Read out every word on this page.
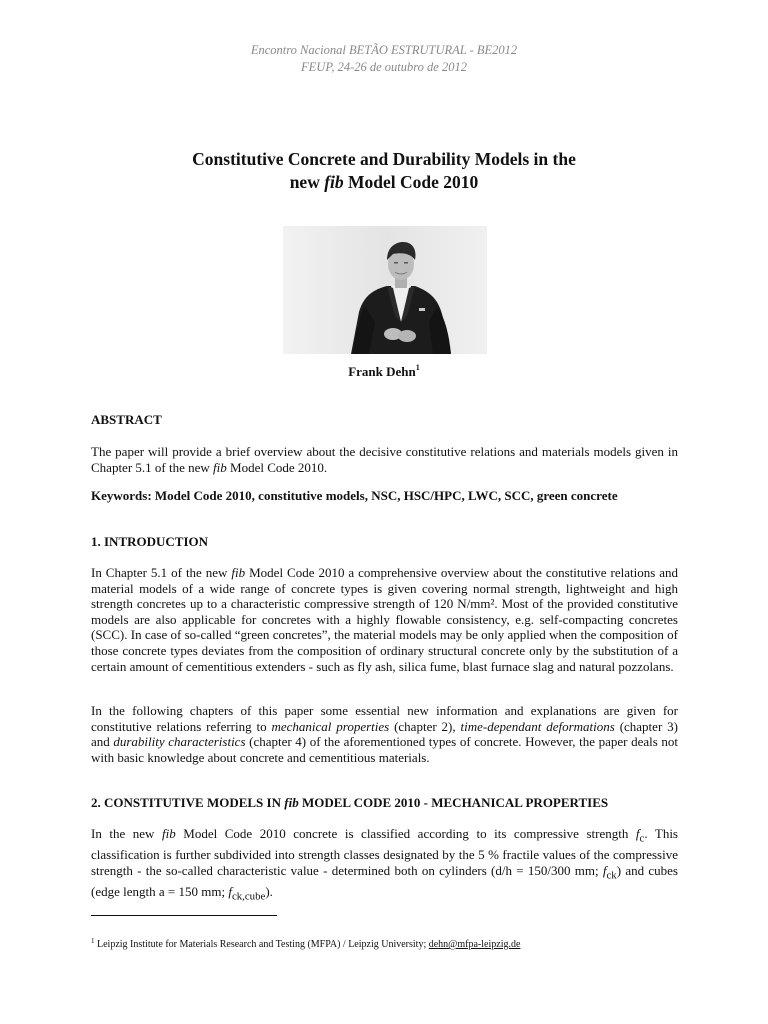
Encontro Nacional BETÃO ESTRUTURAL - BE2012
FEUP, 24-26 de outubro de 2012
Constitutive Concrete and Durability Models in the
new fib Model Code 2010
Frank Dehn$^1$
ABSTRACT
The paper will provide a brief overview about the decisive constitutive relations and materials models given in Chapter 5.1 of the new fib Model Code 2010.
Keywords: Model Code 2010, constitutive models, NSC, HSC/HPC, LWC, SCC, green concrete
1. INTRODUCTION
In Chapter 5.1 of the new fib Model Code 2010 a comprehensive overview about the constitutive relations and material models of a wide range of concrete types is given covering normal strength, lightweight and high strength concretes up to a characteristic compressive strength of 120 N/mm². Most of the provided constitutive models are also applicable for concretes with a highly flowable consistency, e.g. self-compacting concretes (SCC). In case of so-called “green concretes”, the material models may be only applied when the composition of those concrete types deviates from the composition of ordinary structural concrete only by the substitution of a certain amount of cementitious extenders - such as fly ash, silica fume, blast furnace slag and natural pozzolans.
In the following chapters of this paper some essential new information and explanations are given for constitutive relations referring to mechanical properties (chapter 2), time-dependant deformations (chapter 3) and durability characteristics (chapter 4) of the aforementioned types of concrete. However, the paper deals not with basic knowledge about concrete and cementitious materials.
2. CONSTITUTIVE MODELS IN fib MODEL CODE 2010 - MECHANICAL PROPERTIES
In the new fib Model Code 2010 concrete is classified according to its compressive strength $f_c$. This classification is further subdivided into strength classes designated by the 5 % fractile values of the compressive strength - the so-called characteristic value - determined both on cylinders (d/h = 150/300 mm; $f_{ck}$) and cubes (edge length a = 150 mm; $f_{ck,cube}$).
$^1$ Leipzig Institute for Materials Research and Testing (MFPA) / Leipzig University; dehn@mfpa-leipzig.de
